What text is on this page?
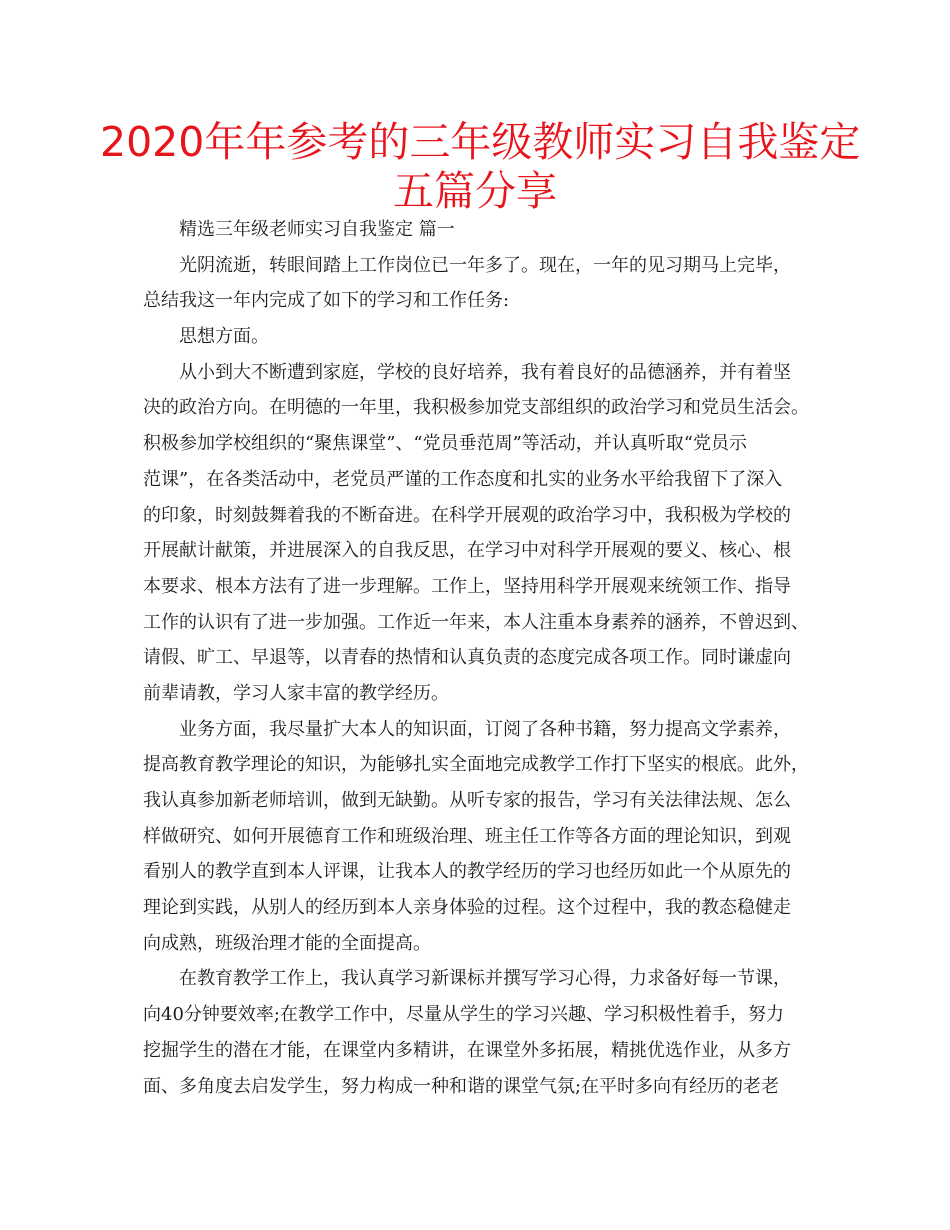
2020年年参考的三年级教师实习自我鉴定
五篇分享
精选三年级老师实习自我鉴定 篇一
光阴流逝，转眼间踏上工作岗位已一年多了。现在，一年的见习期马上完毕，
总结我这一年内完成了如下的学习和工作任务:
思想方面。
从小到大不断遭到家庭，学校的良好培养，我有着良好的品德涵养，并有着坚
决的政治方向。在明德的一年里，我积极参加党支部组织的政治学习和党员生活会。
积极参加学校组织的“聚焦课堂”、“党员垂范周”等活动，并认真听取“党员示
范课”，在各类活动中，老党员严谨的工作态度和扎实的业务水平给我留下了深入
的印象，时刻鼓舞着我的不断奋进。在科学开展观的政治学习中，我积极为学校的
开展献计献策，并进展深入的自我反思，在学习中对科学开展观的要义、核心、根
本要求、根本方法有了进一步理解。工作上，坚持用科学开展观来统领工作、指导
工作的认识有了进一步加强。工作近一年来，本人注重本身素养的涵养，不曾迟到、
请假、旷工、早退等，以青春的热情和认真负责的态度完成各项工作。同时谦虚向
前辈请教，学习人家丰富的教学经历。
业务方面，我尽量扩大本人的知识面，订阅了各种书籍，努力提高文学素养，
提高教育教学理论的知识，为能够扎实全面地完成教学工作打下坚实的根底。此外，
我认真参加新老师培训，做到无缺勤。从听专家的报告，学习有关法律法规、怎么
样做研究、如何开展德育工作和班级治理、班主任工作等各方面的理论知识，到观
看别人的教学直到本人评课，让我本人的教学经历的学习也经历如此一个从原先的
理论到实践，从别人的经历到本人亲身体验的过程。这个过程中，我的教态稳健走
向成熟，班级治理才能的全面提高。
在教育教学工作上，我认真学习新课标并撰写学习心得，力求备好每一节课，
向40分钟要效率;在教学工作中，尽量从学生的学习兴趣、学习积极性着手，努力
挖掘学生的潜在才能，在课堂内多精讲，在课堂外多拓展，精挑优选作业，从多方
面、多角度去启发学生，努力构成一种和谐的课堂气氛;在平时多向有经历的老老
